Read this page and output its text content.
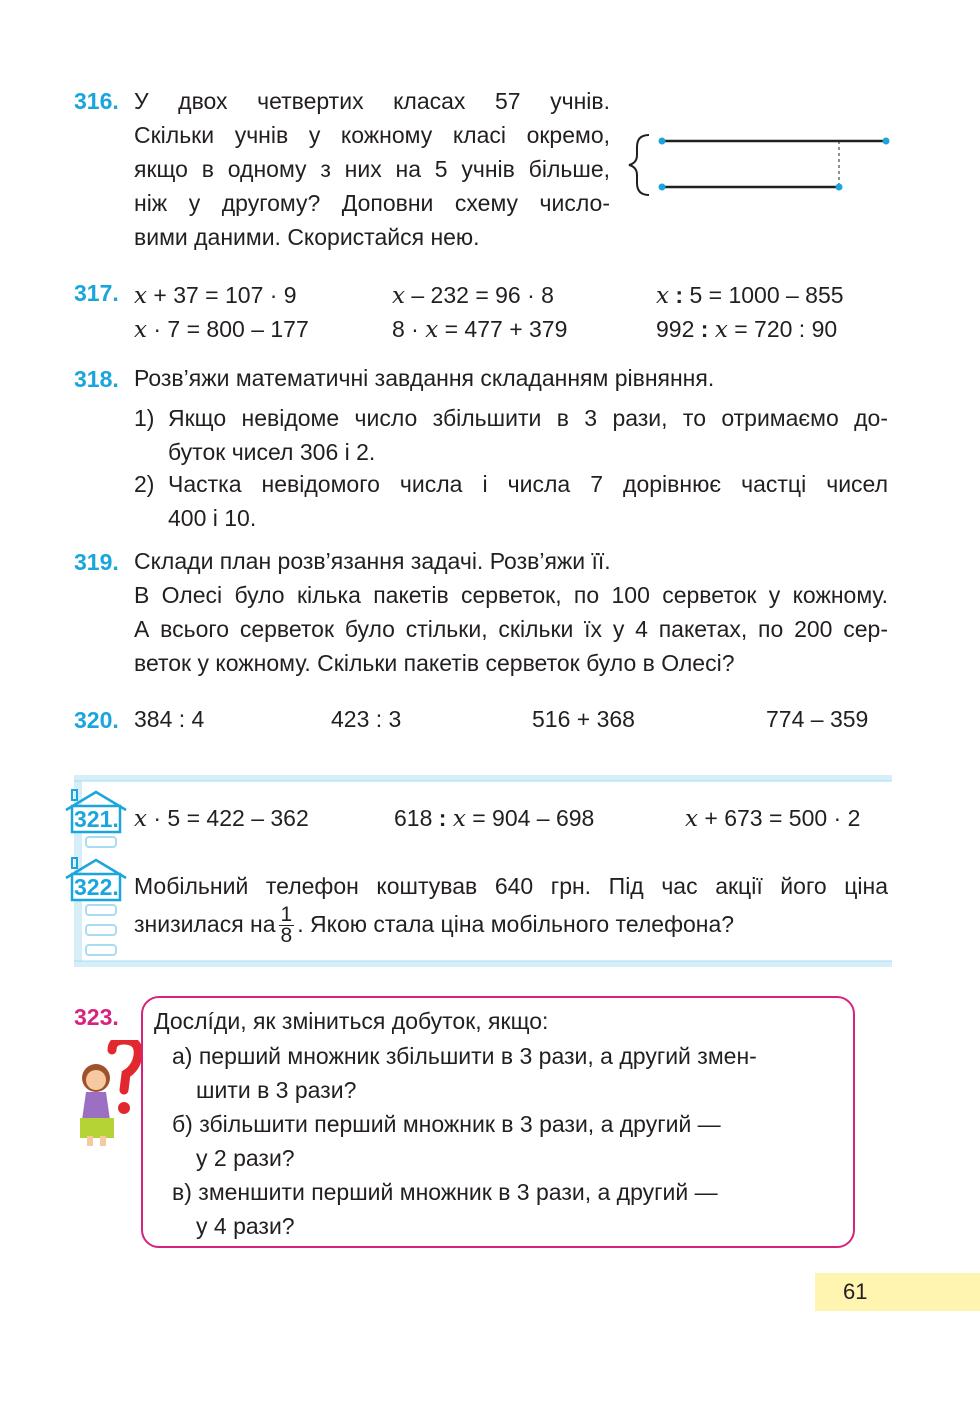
316. У двох четвертих класах 57 учнів.
Скільки учнів у кожному класі окремо,
якщо в одному з них на 5 учнів більше,
ніж у другому? Доповни схему число-
вими даними. Скористайся нею.
317. x + 37 = 107 · 9	x – 232 = 96 · 8	x : 5 = 1000 – 855
x · 7 = 800 – 177	8 · x = 477 + 379	992 : x = 720 : 90
318. Розв’яжи математичні завдання складанням рівняння.
1) Якщо невідоме число збільшити в 3 рази, то отримаємо до-
буток чисел 306 і 2.
2) Частка невідомого числа і числа 7 дорівнює частці чисел
400 і 10.
319. Склади план розв’язання задачі. Розв’яжи її.
В Олесі було кілька пакетів серветок, по 100 серветок у кожному.
А всього серветок було стільки, скільки їх у 4 пакетах, по 200 сер-
веток у кожному. Скільки пакетів серветок було в Олесі?
320. 384 : 4	423 : 3	516 + 368	774 – 359
321. x · 5 = 422 – 362	618 : x = 904 – 698	x + 673 = 500 · 2
322. Мобільний телефон коштував 640 грн. Під час акції його ціна
знизилася на $\frac{1}{8}$ . Якою стала ціна мобільного телефона?
323. Дослíди, як зміниться добуток, якщо:
а) перший множник збільшити в 3 рази, а другий змен-
шити в 3 рази?
б) збільшити перший множник в 3 рази, а другий —
у 2 рази?
в) зменшити перший множник в 3 рази, а другий —
у 4 рази?
61
